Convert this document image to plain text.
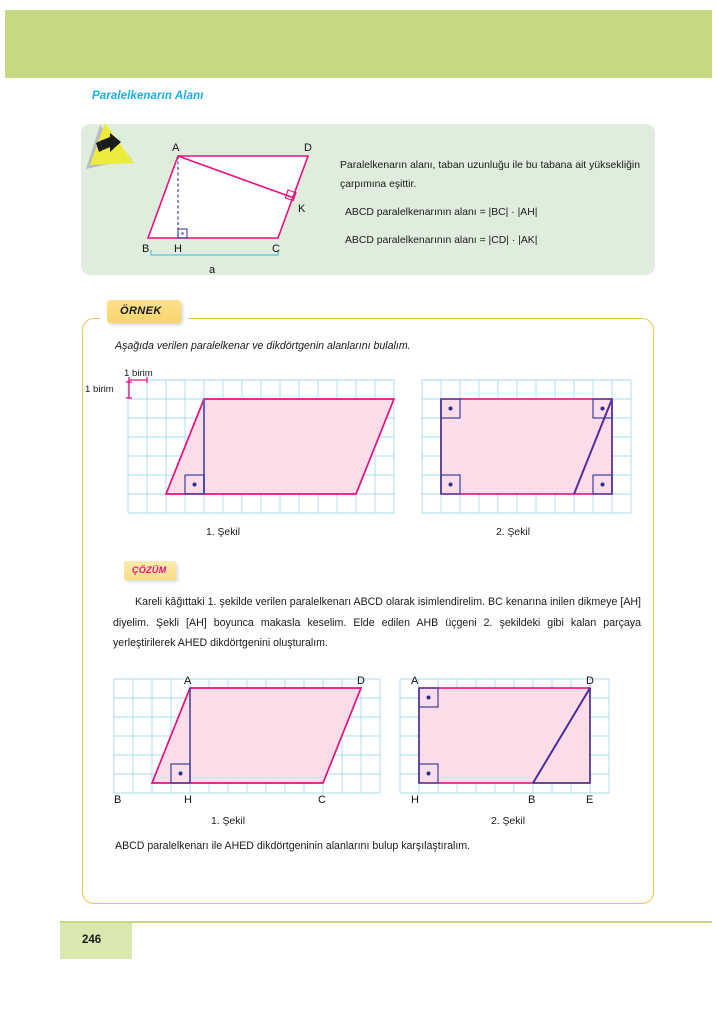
Paralelkenarın Alanı
A	D
B H	C
K
a
Paralelkenarın alanı, taban uzunluğu ile bu tabana ait yüksekliğin çarpımına eşittir.
ABCD paralelkenarının alanı = |BC| · |AH|
ABCD paralelkenarının alanı = |CD| · |AK|
ÖRNEK
Aşağıda verilen paralelkenar ve dikdörtgenin alanlarını bulalım.
1 birim
1 birim
1. Şekil	2. Şekil
ÇÖZÜM

Kareli kâğıttaki 1. şekilde verilen paralelkenarı ABCD olarak isimlendirelim. BC kenarına inilen dikmeye [AH] diyelim. Şekli [AH] boyunca makasla keselim. Elde edilen AHB üçgeni 2. şekildeki gibi kalan parçaya yerleştirilerek AHED dikdörtgenini oluşturalım.

A	D
B	H	C
1. Şekil
A	D
H	B	E
2. Şekil
ABCD paralelkenarı ile AHED dikdörtgeninin alanlarını bulup karşılaştıralım.
246
